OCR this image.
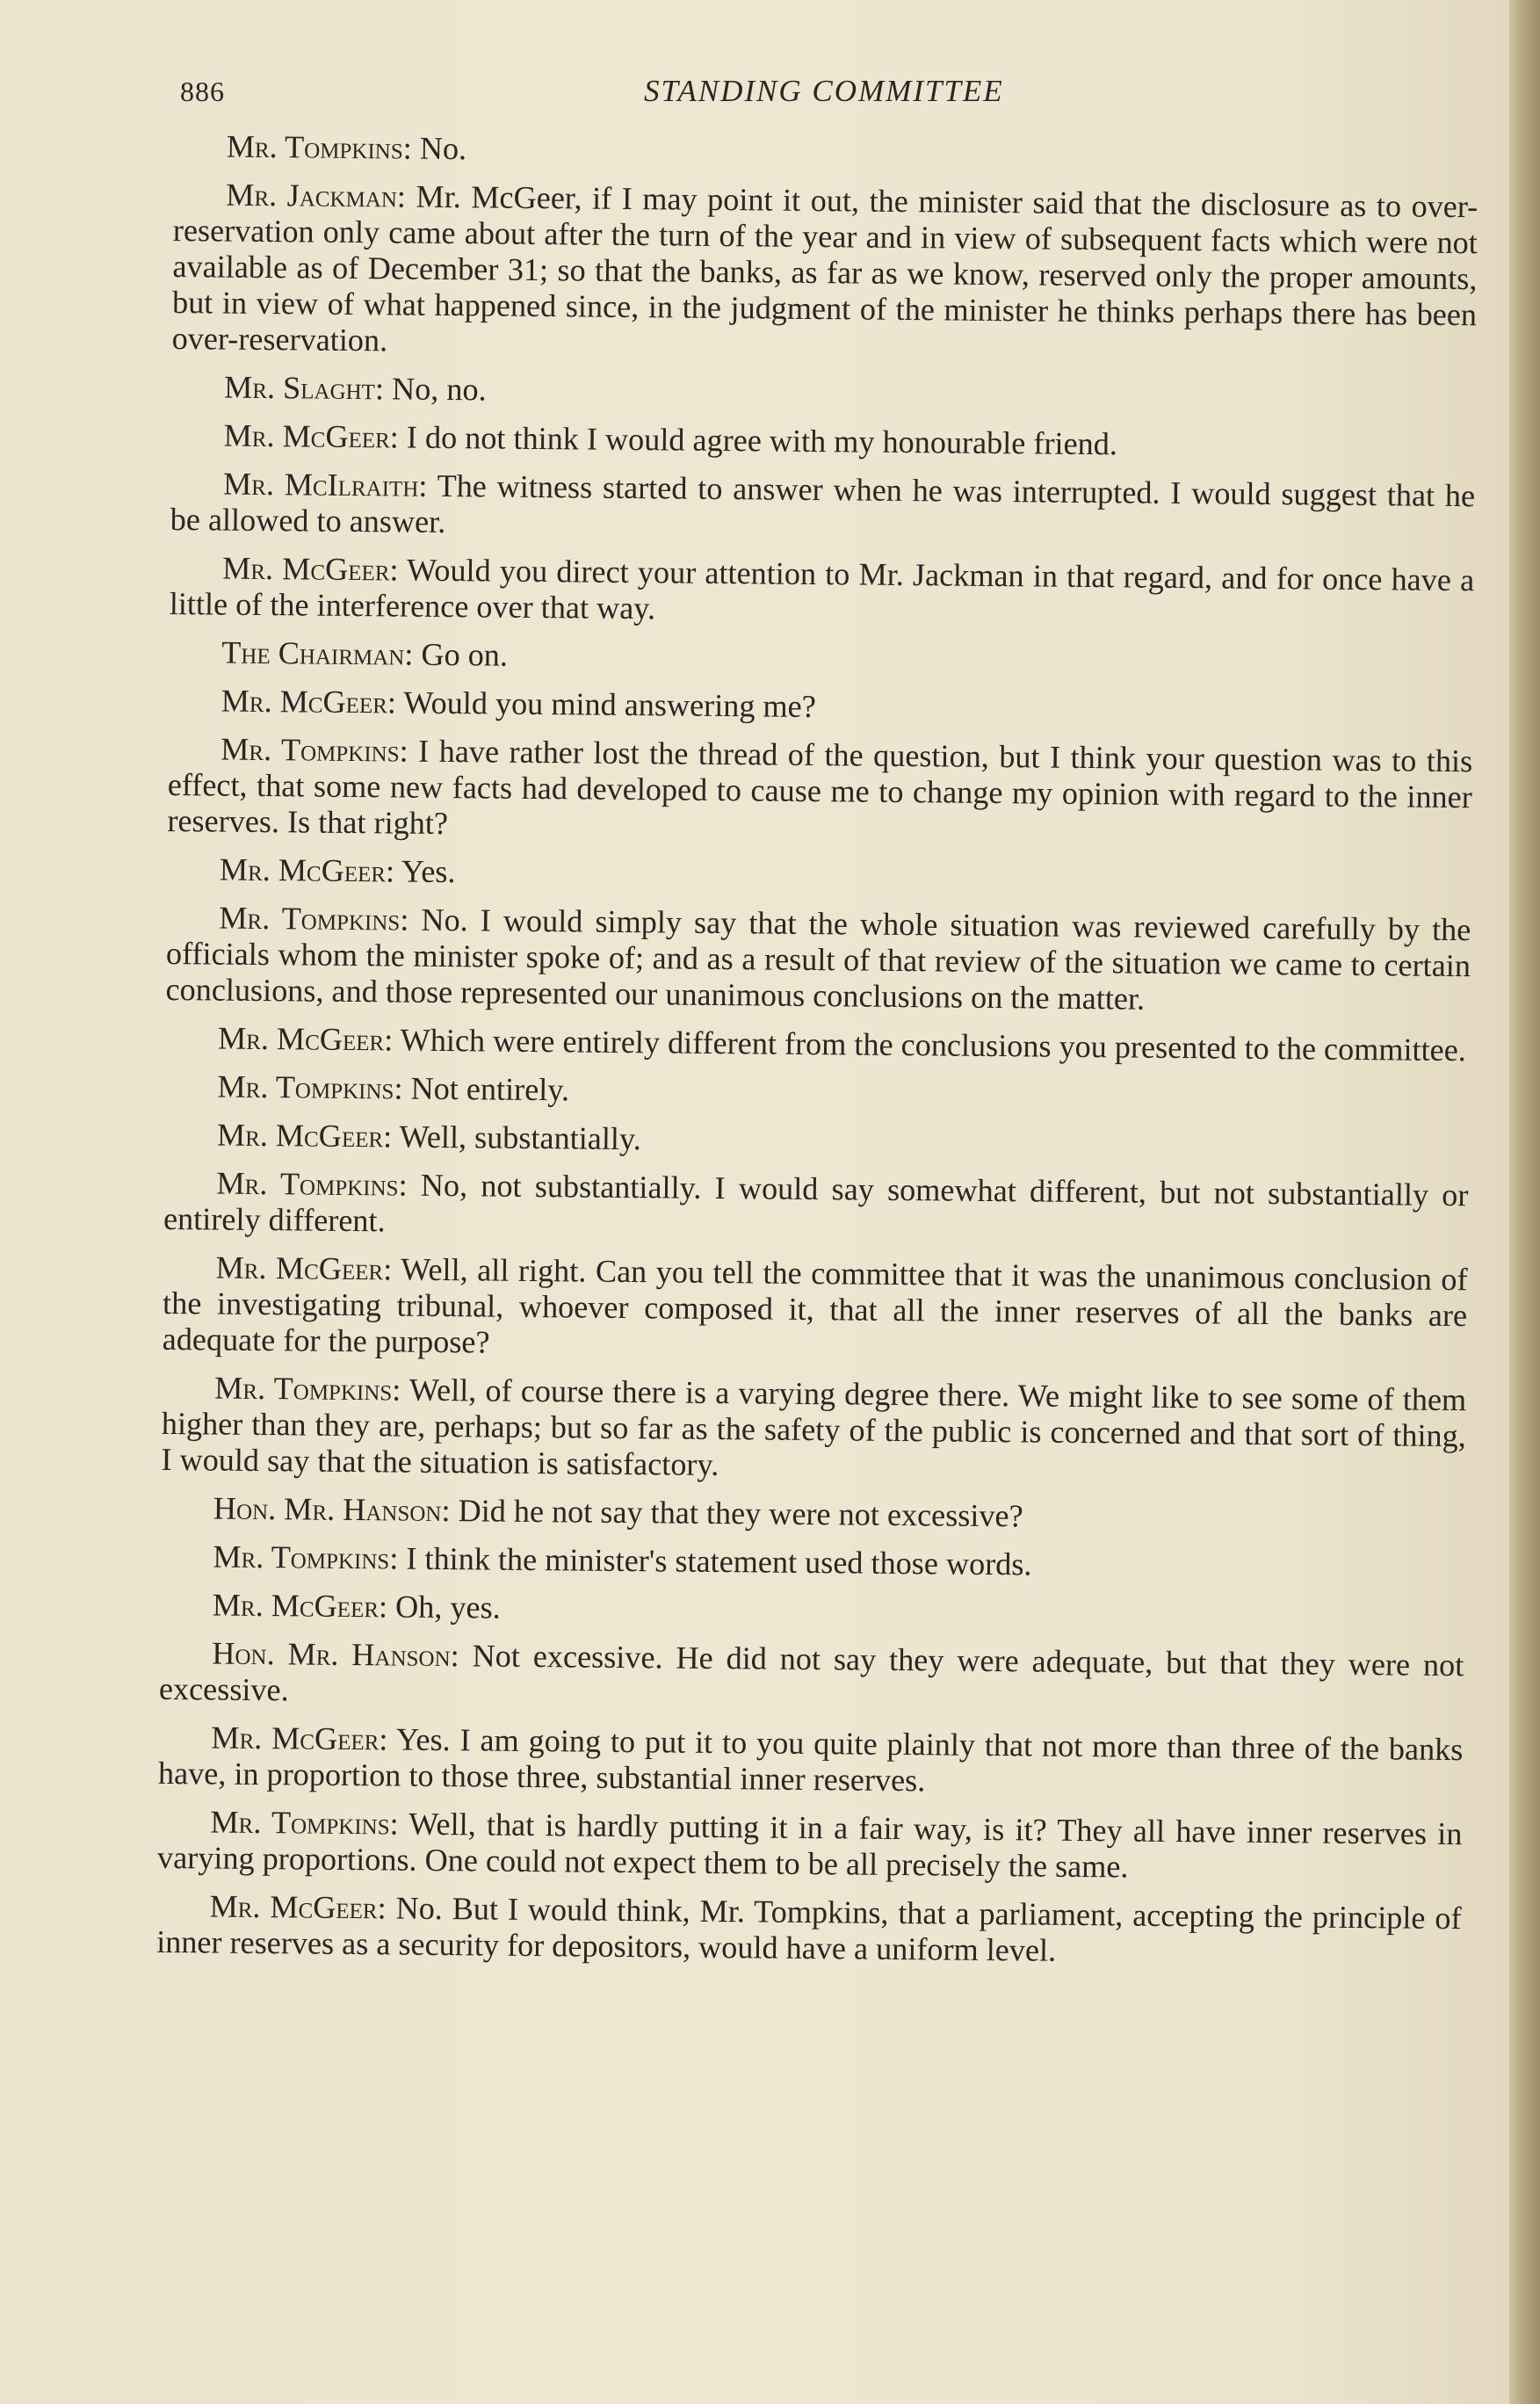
886	STANDING COMMITTEE

Mr. Tompkins: No.

Mr. Jackman: Mr. McGeer, if I may point it out, the minister said that the disclosure as to over-reservation only came about after the turn of the year and in view of subsequent facts which were not available as of December 31; so that the banks, as far as we know, reserved only the proper amounts, but in view of what happened since, in the judgment of the minister he thinks perhaps there has been over-reservation.

Mr. Slaght: No, no.

Mr. McGeer: I do not think I would agree with my honourable friend.

Mr. McIlraith: The witness started to answer when he was interrupted. I would suggest that he be allowed to answer.

Mr. McGeer: Would you direct your attention to Mr. Jackman in that regard, and for once have a little of the interference over that way.

The Chairman: Go on.

Mr. McGeer: Would you mind answering me?

Mr. Tompkins: I have rather lost the thread of the question, but I think your question was to this effect, that some new facts had developed to cause me to change my opinion with regard to the inner reserves. Is that right?

Mr. McGeer: Yes.

Mr. Tompkins: No. I would simply say that the whole situation was reviewed carefully by the officials whom the minister spoke of; and as a result of that review of the situation we came to certain conclusions, and those represented our unanimous conclusions on the matter.

Mr. McGeer: Which were entirely different from the conclusions you presented to the committee.

Mr. Tompkins: Not entirely.

Mr. McGeer: Well, substantially.

Mr. Tompkins: No, not substantially. I would say somewhat different, but not substantially or entirely different.

Mr. McGeer: Well, all right. Can you tell the committee that it was the unanimous conclusion of the investigating tribunal, whoever composed it, that all the inner reserves of all the banks are adequate for the purpose?

Mr. Tompkins: Well, of course there is a varying degree there. We might like to see some of them higher than they are, perhaps; but so far as the safety of the public is concerned and that sort of thing, I would say that the situation is satisfactory.

Hon. Mr. Hanson: Did he not say that they were not excessive?

Mr. Tompkins: I think the minister's statement used those words.

Mr. McGeer: Oh, yes.

Hon. Mr. Hanson: Not excessive. He did not say they were adequate, but that they were not excessive.

Mr. McGeer: Yes. I am going to put it to you quite plainly that not more than three of the banks have, in proportion to those three, substantial inner reserves.

Mr. Tompkins: Well, that is hardly putting it in a fair way, is it? They all have inner reserves in varying proportions. One could not expect them to be all precisely the same.

Mr. McGeer: No. But I would think, Mr. Tompkins, that a parliament, accepting the principle of inner reserves as a security for depositors, would have a uniform level.
